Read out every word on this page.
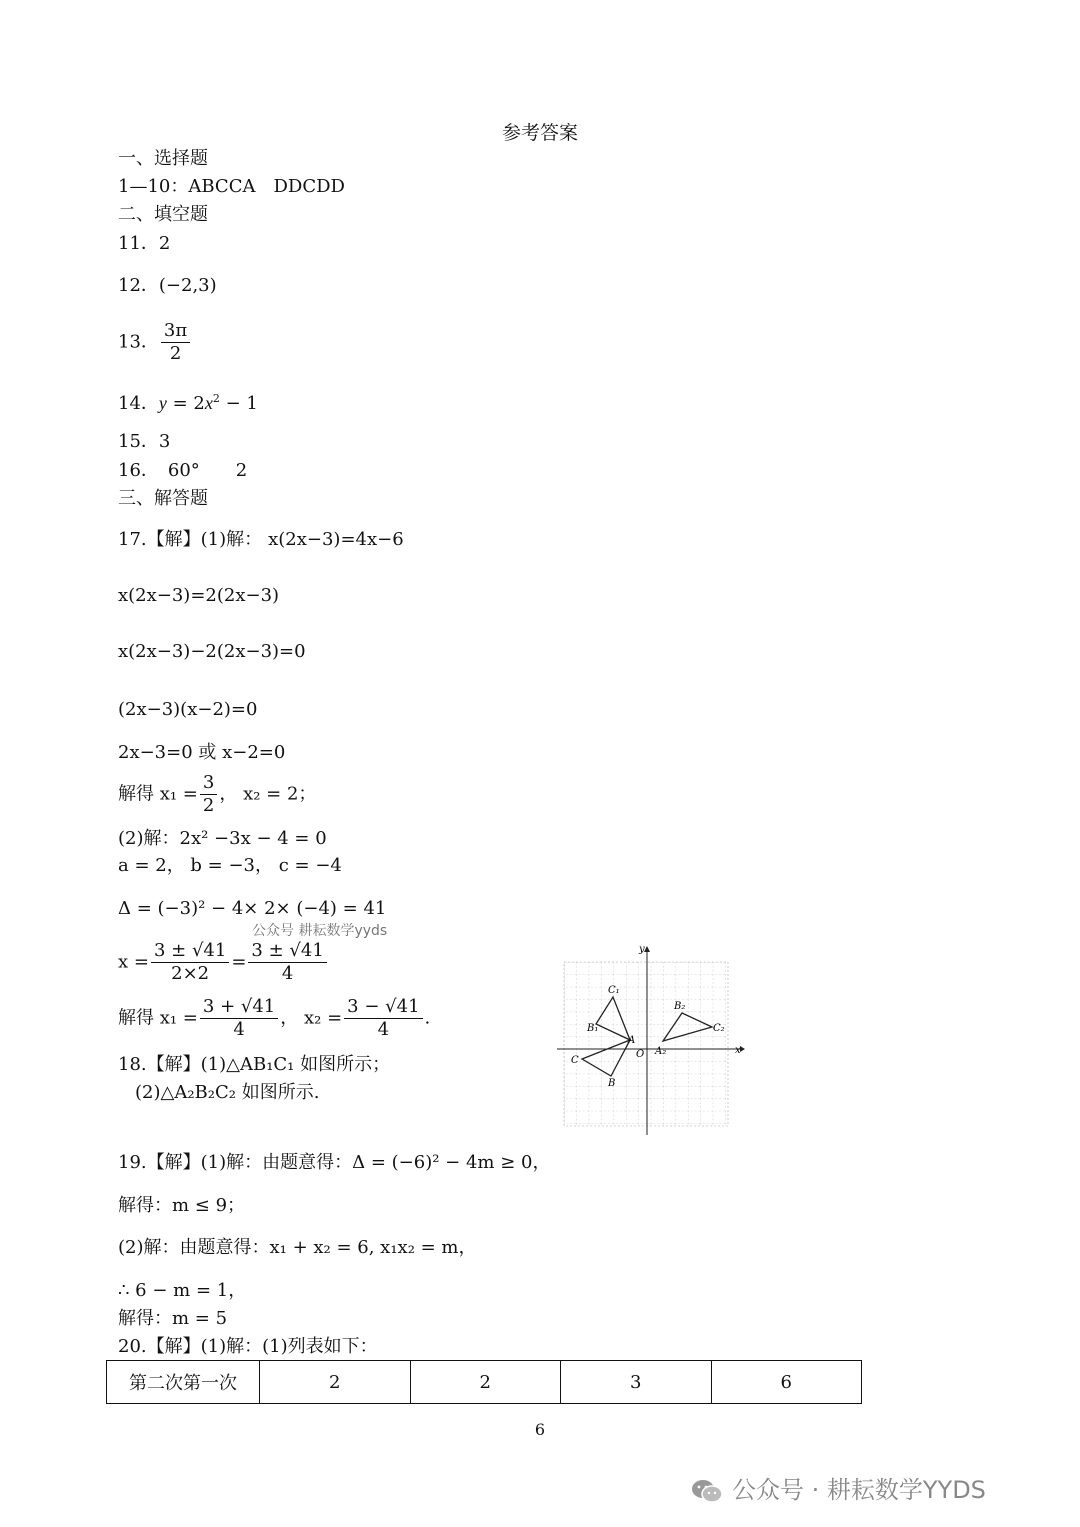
参考答案
一、选择题
1—10：ABCCA　DDCDD
二、填空题
11．2
12．(−2,3)
13． $\frac{3\pi}{2}$
14．$y = 2x^2 - 1$
15．3
16．　60°　　2
三、解答题
17.【解】(1)解： x(2x−3)=4x−6
x(2x−3)=2(2x−3)
x(2x−3)−2(2x−3)=0
(2x−3)(x−2)=0
2x−3=0 或 x−2=0
解得 $x_1 = \frac{3}{2}$ ， x₂ = 2；
(2)解：2x² −3x − 4 = 0
a = 2， b = −3， c = −4
Δ = (−3)² − 4× 2× (−4) = 41
$x = \frac{3 \pm √41}{2\times 2} = \frac{3 \pm √41}{4}$
解得 $x_1 = \frac{3 + √41}{4}$ ， $x_2 = \frac{3 - √41}{4}$ .
18.【解】(1)△AB₁C₁ 如图所示；
(2)△A₂B₂C₂ 如图所示.
y
x
C₁
B₁
A
O
C
B
B₂
C₂
A₂
19.【解】(1)解：由题意得：Δ = (−6)² − 4m ≥ 0，
解得：m ≤ 9；
(2)解：由题意得：x₁ + x₂ = 6, x₁x₂ = m，
∴ 6 − m = 1，
解得：m = 5
20.【解】(1)解：(1)列表如下：
第二次第一次	2	2	3	6
6
公众号 耕耘数学yyds
公众号 · 耕耘数学YYDS
